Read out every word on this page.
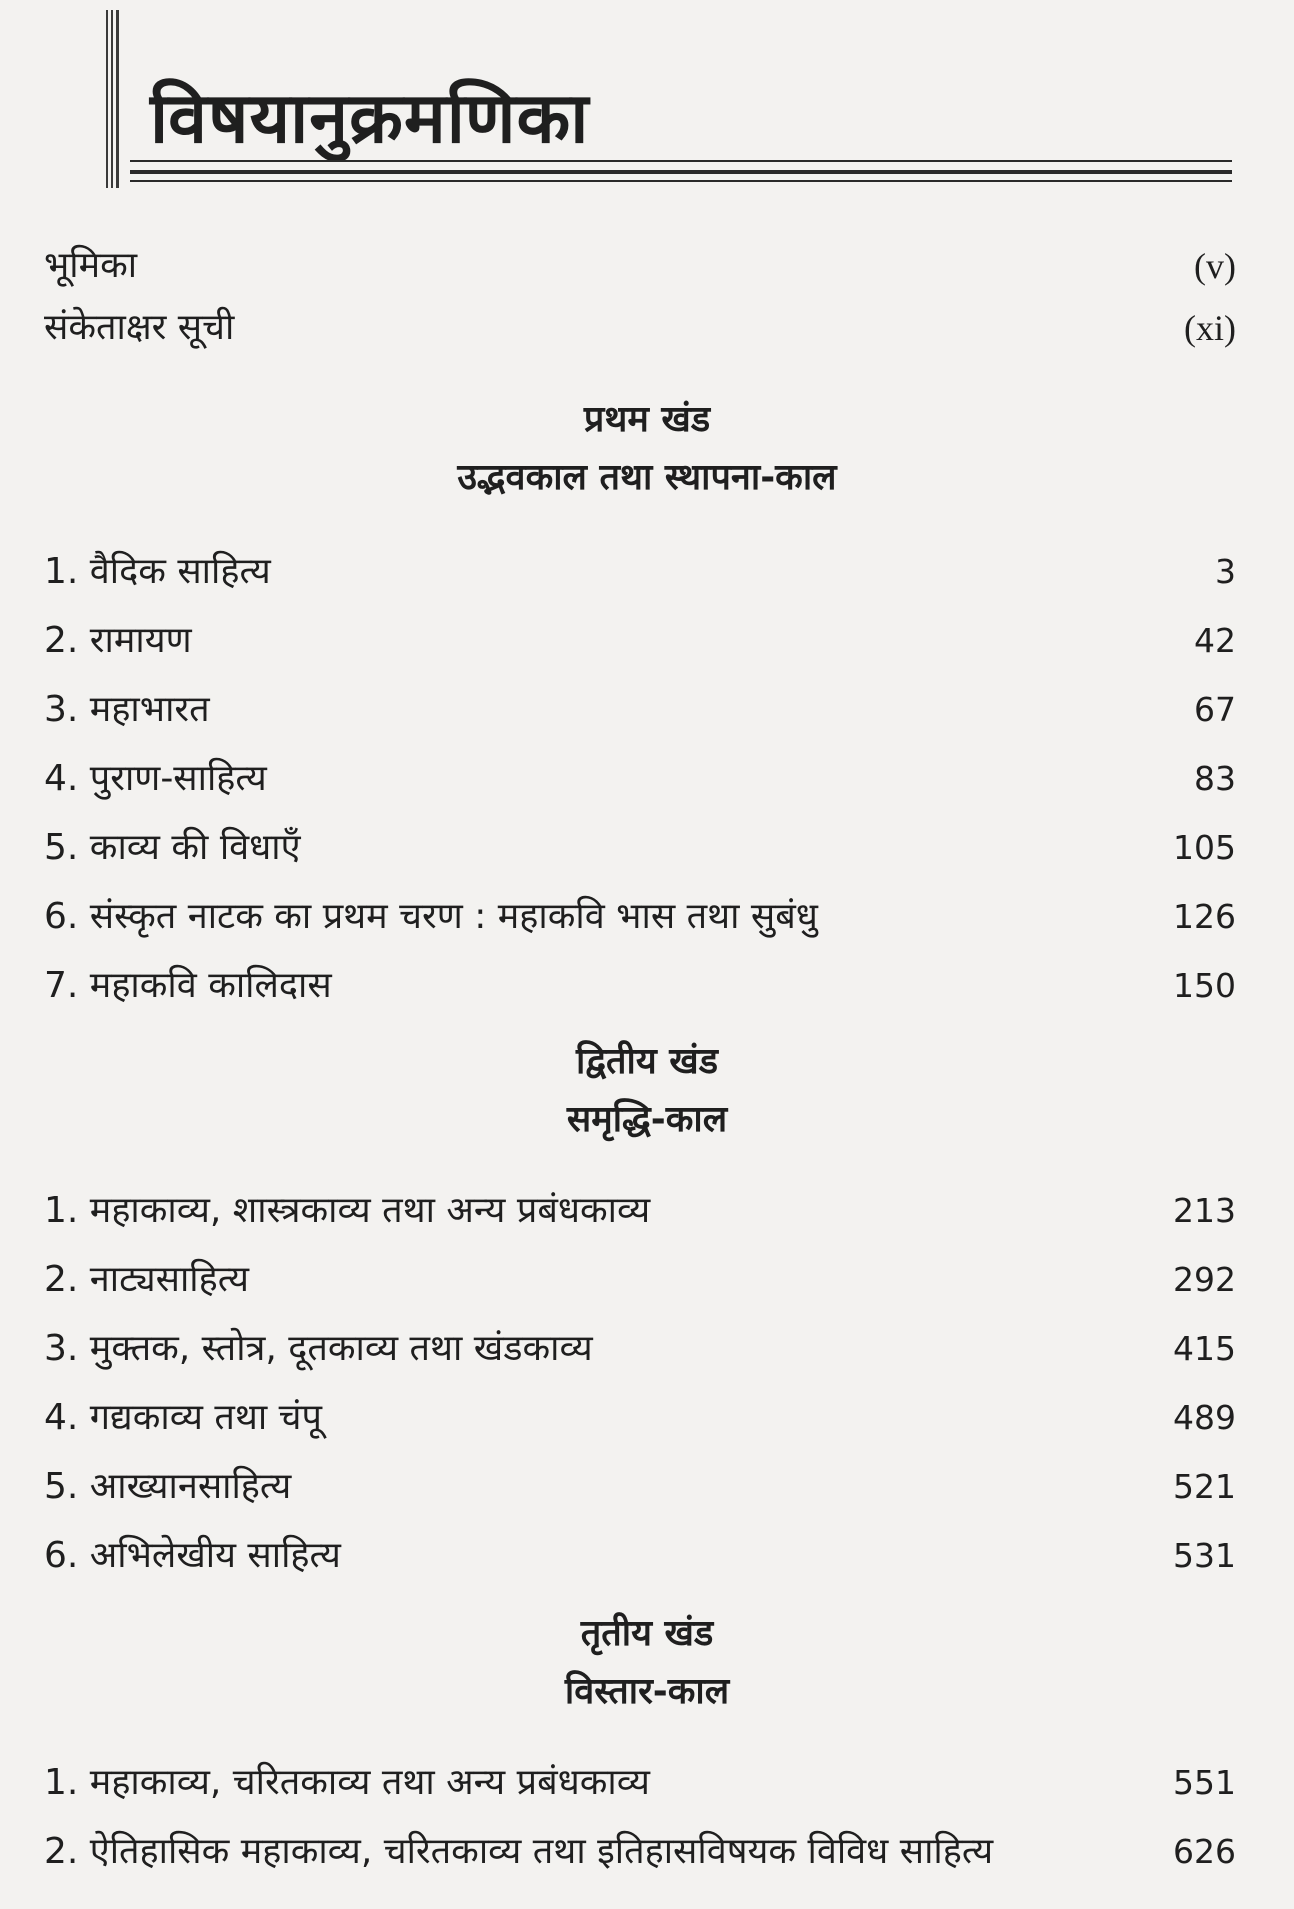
विषयानुक्रमणिका
भूमिका	(v)
संकेताक्षर सूची	(xi)
प्रथम खंड
उद्भवकाल तथा स्थापना-काल
1. वैदिक साहित्य	3
2. रामायण	42
3. महाभारत	67
4. पुराण-साहित्य	83
5. काव्य की विधाएँ	105
6. संस्कृत नाटक का प्रथम चरण : महाकवि भास तथा सुबंधु	126
7. महाकवि कालिदास	150
द्वितीय खंड
समृद्धि-काल
1. महाकाव्य, शास्त्रकाव्य तथा अन्य प्रबंधकाव्य	213
2. नाट्यसाहित्य	292
3. मुक्तक, स्तोत्र, दूतकाव्य तथा खंडकाव्य	415
4. गद्यकाव्य तथा चंपू	489
5. आख्यानसाहित्य	521
6. अभिलेखीय साहित्य	531
तृतीय खंड
विस्तार-काल
1. महाकाव्य, चरितकाव्य तथा अन्य प्रबंधकाव्य	551
2. ऐतिहासिक महाकाव्य, चरितकाव्य तथा इतिहासविषयक विविध साहित्य	626
